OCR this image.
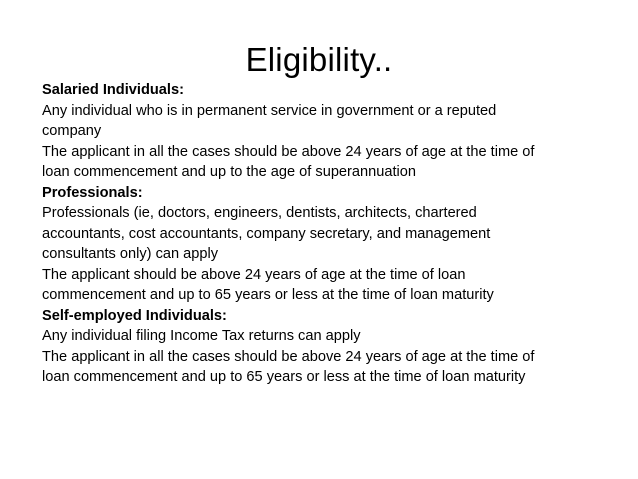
Eligibility..
Salaried Individuals:
Any individual who is in permanent service in government or a reputed
company
The applicant in all the cases should be above 24 years of age at the time of
loan commencement and up to the age of superannuation
Professionals:
Professionals (ie, doctors, engineers, dentists, architects, chartered
accountants, cost accountants, company secretary, and management
consultants only) can apply
The applicant should be above 24 years of age at the time of loan
commencement and up to 65 years or less at the time of loan maturity
Self-employed Individuals:
Any individual filing Income Tax returns can apply
The applicant in all the cases should be above 24 years of age at the time of
loan commencement and up to 65 years or less at the time of loan maturity
